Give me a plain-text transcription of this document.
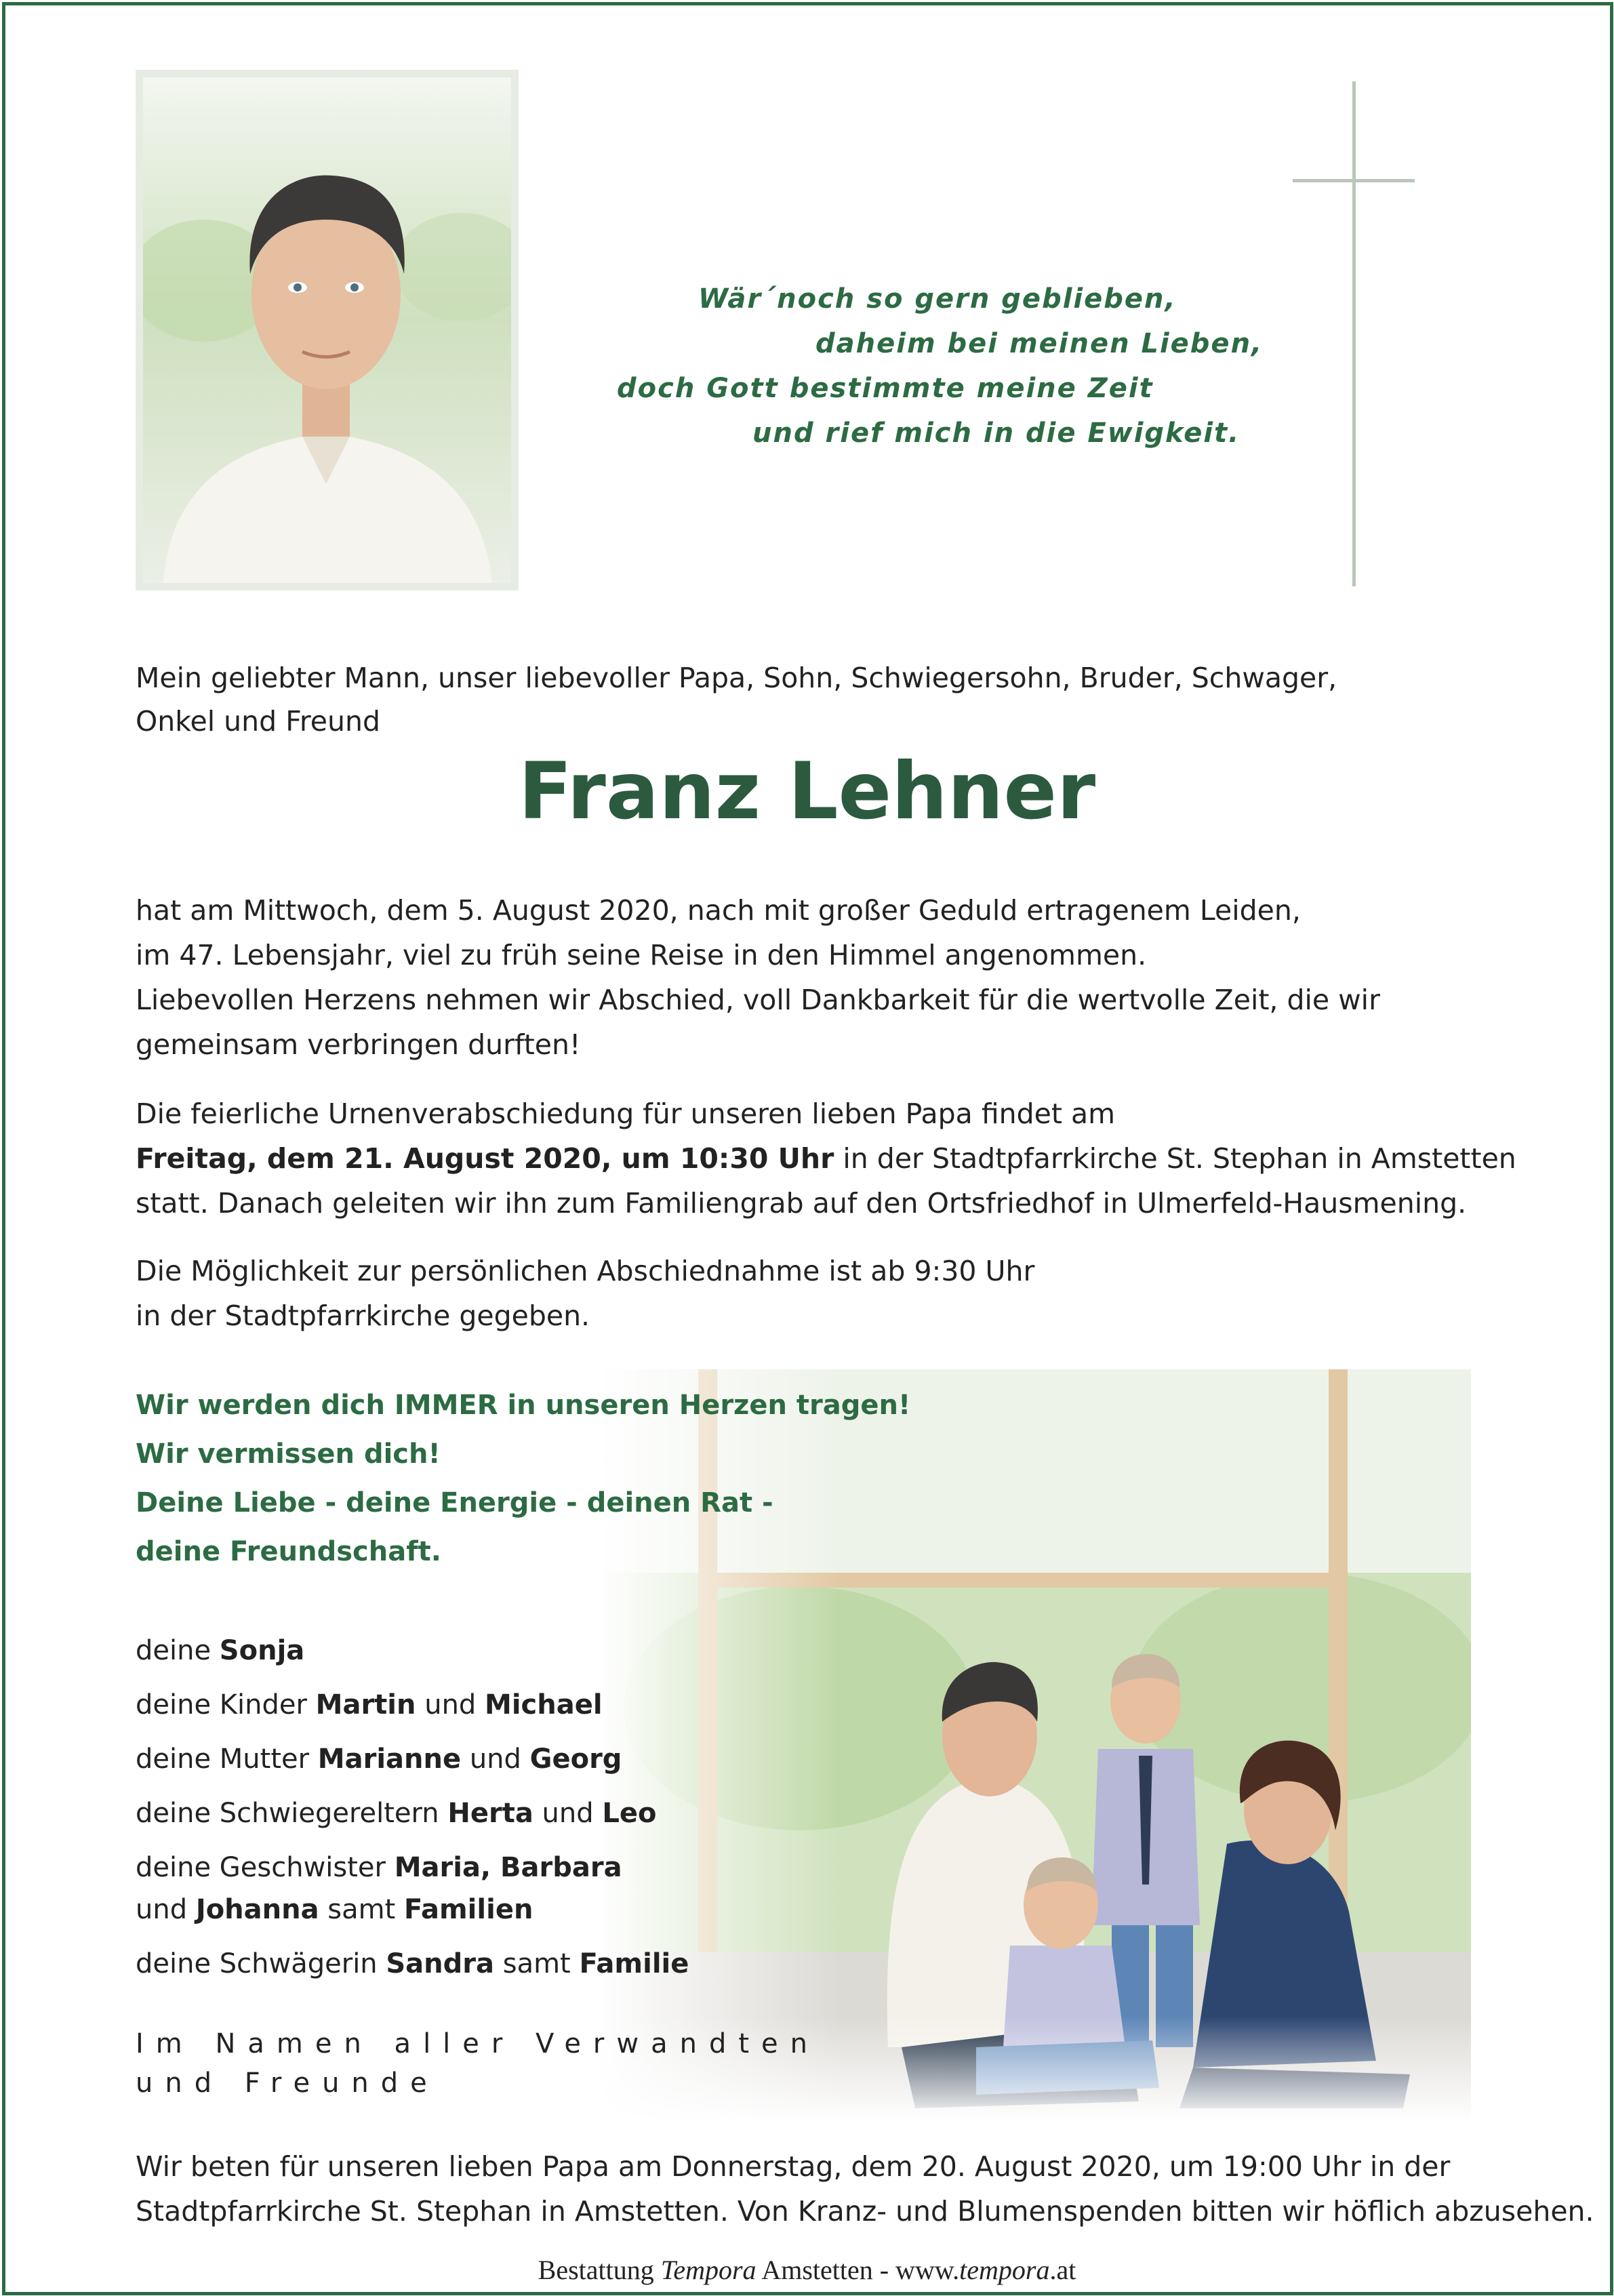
Wär´noch so gern geblieben,
daheim bei meinen Lieben,
doch Gott bestimmte meine Zeit
und rief mich in die Ewigkeit.
Mein geliebter Mann, unser liebevoller Papa, Sohn, Schwiegersohn, Bruder, Schwager,
Onkel und Freund
Franz Lehner
hat am Mittwoch, dem 5. August 2020, nach mit großer Geduld ertragenem Leiden,
im 47. Lebensjahr, viel zu früh seine Reise in den Himmel angenommen.
Liebevollen Herzens nehmen wir Abschied, voll Dankbarkeit für die wertvolle Zeit, die wir
gemeinsam verbringen durften!
Die feierliche Urnenverabschiedung für unseren lieben Papa findet am
Freitag, dem 21. August 2020, um 10:30 Uhr in der Stadtpfarrkirche St. Stephan in Amstetten
statt. Danach geleiten wir ihn zum Familiengrab auf den Ortsfriedhof in Ulmerfeld-Hausmening.
Die Möglichkeit zur persönlichen Abschiednahme ist ab 9:30 Uhr
in der Stadtpfarrkirche gegeben.
Wir werden dich IMMER in unseren Herzen tragen!
Wir vermissen dich!
Deine Liebe - deine Energie - deinen Rat -
deine Freundschaft.
deine Sonja
deine Kinder Martin und Michael
deine Mutter Marianne und Georg
deine Schwiegereltern Herta und Leo
deine Geschwister Maria, Barbara
und Johanna samt Familien
deine Schwägerin Sandra samt Familie
Im Namen aller Verwandten
und Freunde
Wir beten für unseren lieben Papa am Donnerstag, dem 20. August 2020, um 19:00 Uhr in der
Stadtpfarrkirche St. Stephan in Amstetten. Von Kranz- und Blumenspenden bitten wir höflich abzusehen.
Bestattung Tempora Amstetten - www.tempora.at
